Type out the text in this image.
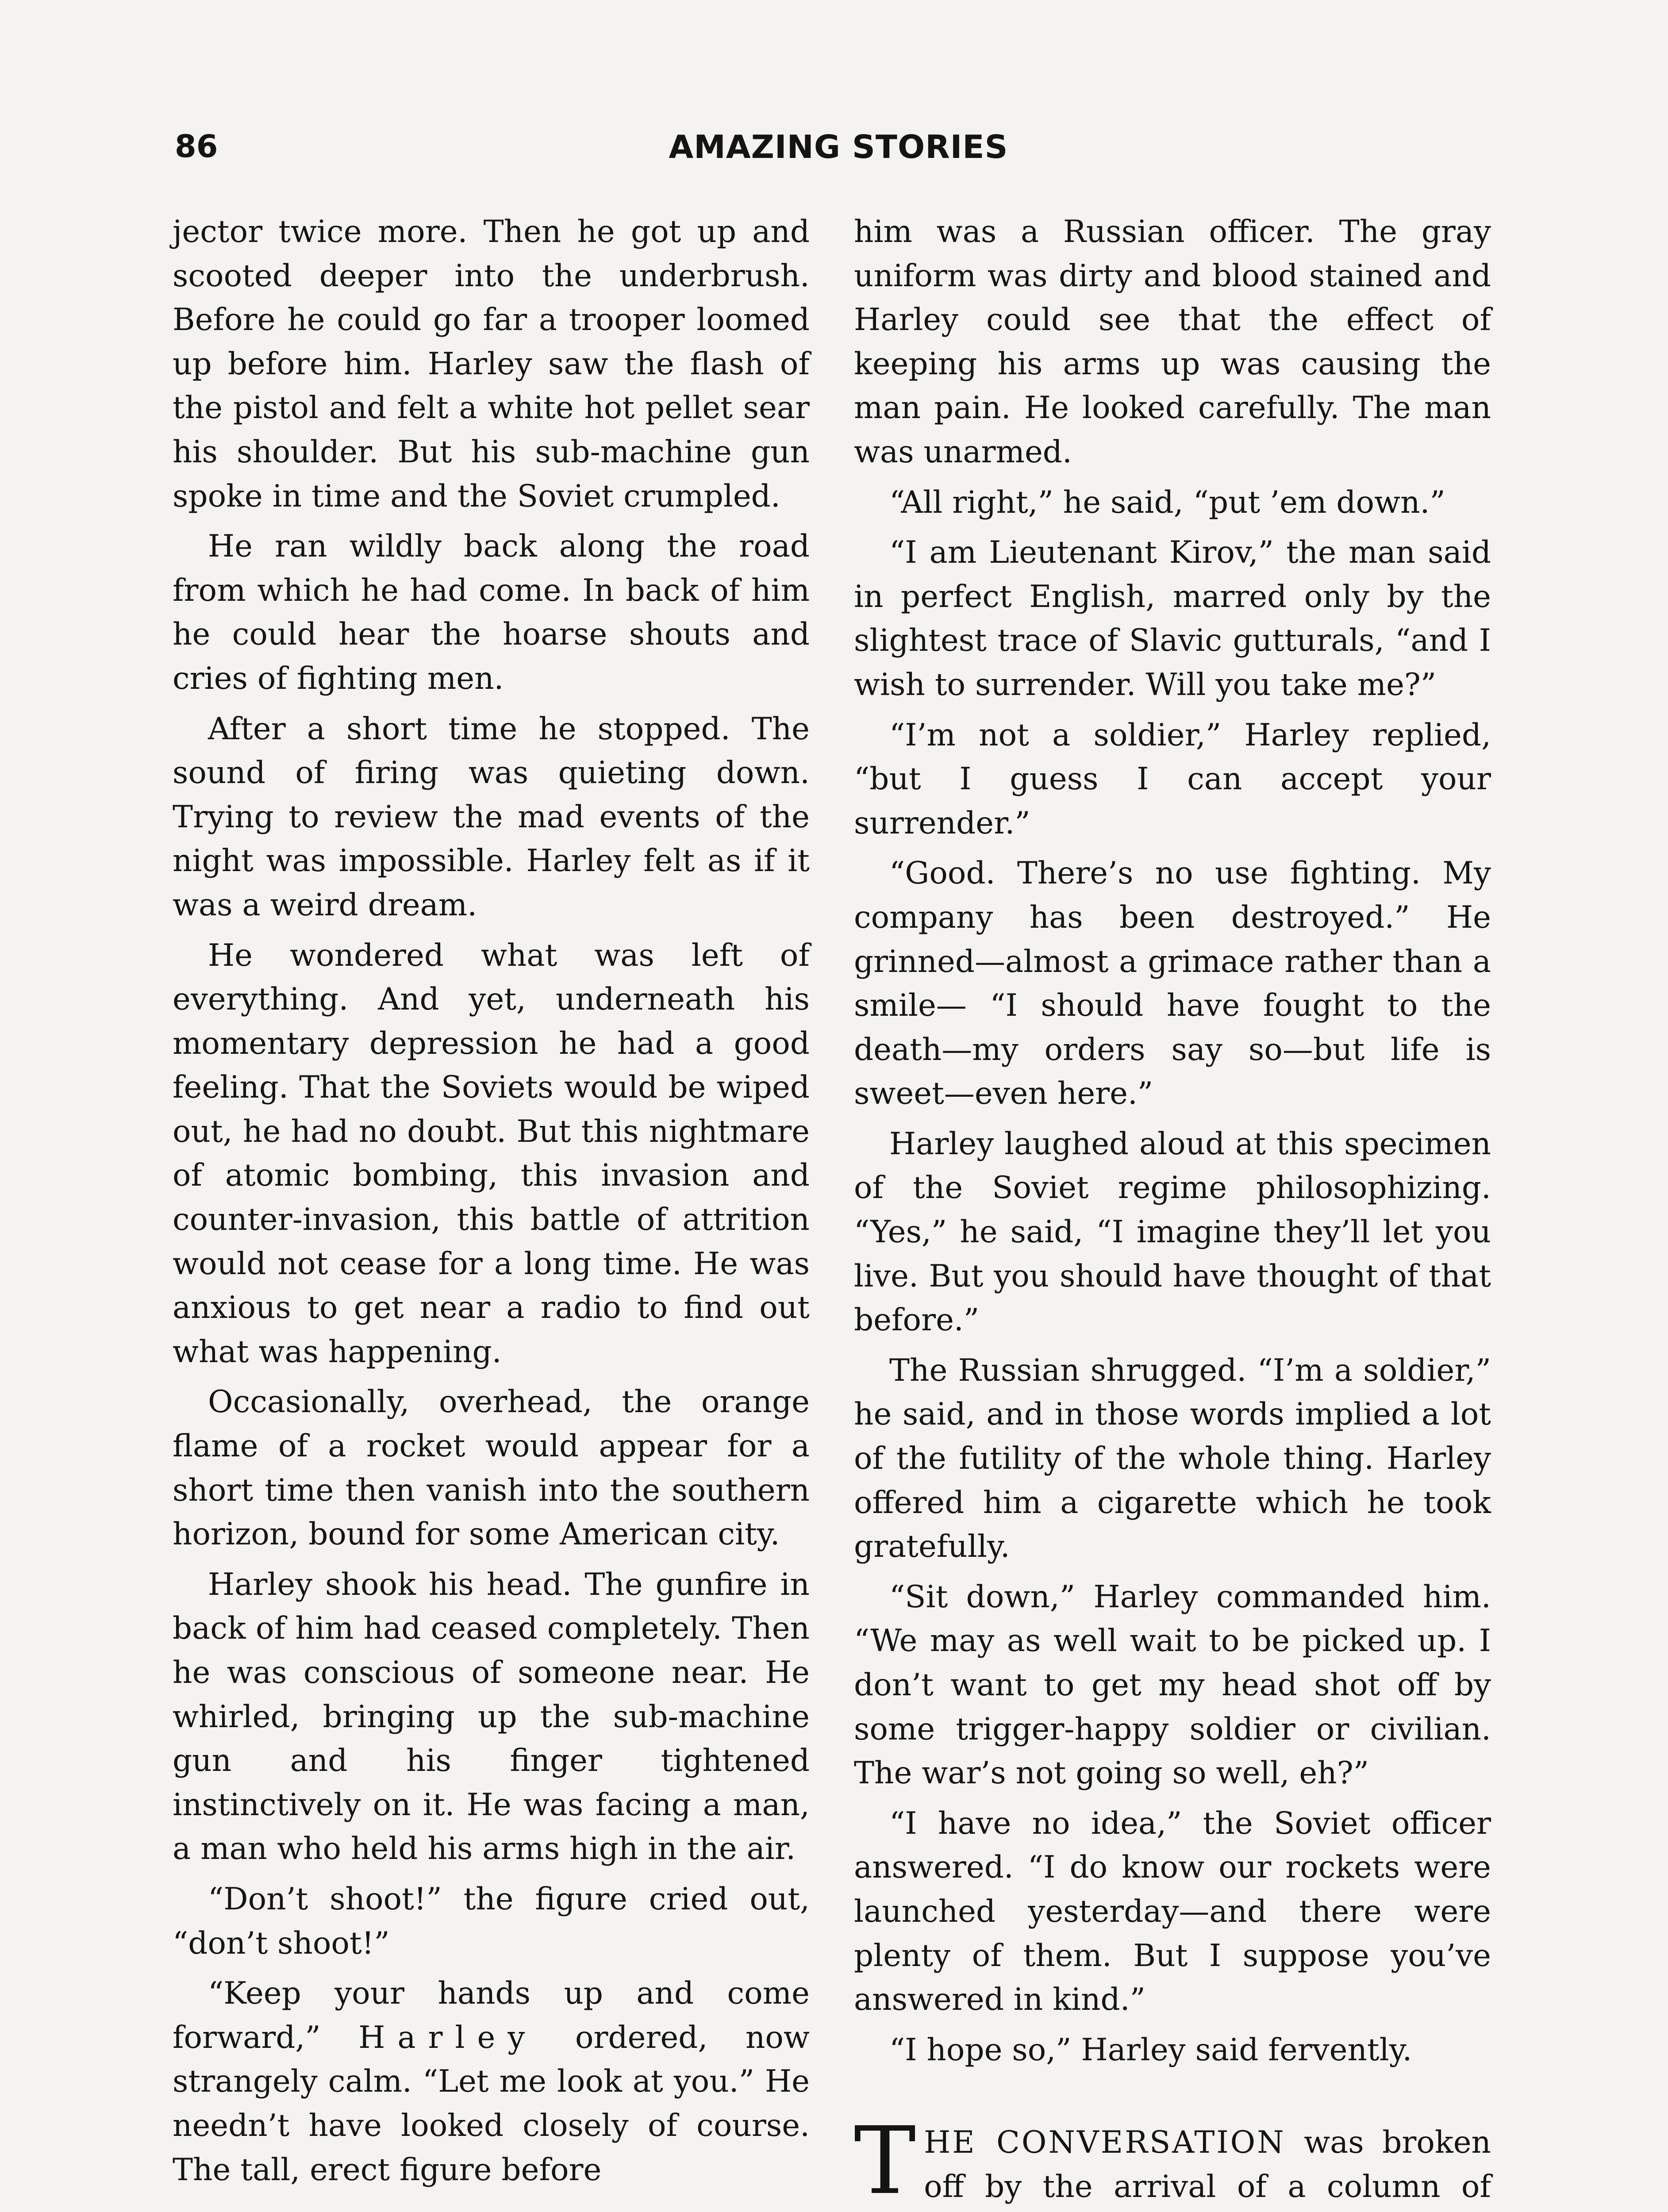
86	AMAZING STORIES

jector twice more. Then he got up and scooted deeper into the underbrush. Before he could go far a trooper loomed up before him. Harley saw the flash of the pistol and felt a white hot pellet sear his shoulder. But his sub-machine gun spoke in time and the Soviet crumpled.

He ran wildly back along the road from which he had come. In back of him he could hear the hoarse shouts and cries of fighting men.

After a short time he stopped. The sound of firing was quieting down. Trying to review the mad events of the night was impossible. Harley felt as if it was a weird dream.

He wondered what was left of everything. And yet, underneath his momentary depression he had a good feeling. That the Soviets would be wiped out, he had no doubt. But this nightmare of atomic bombing, this invasion and counter-invasion, this battle of attrition would not cease for a long time. He was anxious to get near a radio to find out what was happening.

Occasionally, overhead, the orange flame of a rocket would appear for a short time then vanish into the southern horizon, bound for some American city.

Harley shook his head. The gunfire in back of him had ceased completely. Then he was conscious of someone near. He whirled, bringing up the sub-machine gun and his finger tightened instinctively on it. He was facing a man, a man who held his arms high in the air.

“Don’t shoot!” the figure cried out, “don’t shoot!”

“Keep your hands up and come forward,” Harley ordered, now strangely calm. “Let me look at you.” He needn’t have looked closely of course. The tall, erect figure before

him was a Russian officer. The gray uniform was dirty and blood stained and Harley could see that the effect of keeping his arms up was causing the man pain. He looked carefully. The man was unarmed.

“All right,” he said, “put ’em down.”

“I am Lieutenant Kirov,” the man said in perfect English, marred only by the slightest trace of Slavic gutturals, “and I wish to surrender. Will you take me?”

“I’m not a soldier,” Harley replied, “but I guess I can accept your surrender.”

“Good. There’s no use fighting. My company has been destroyed.” He grinned—almost a grimace rather than a smile— “I should have fought to the death—my orders say so—but life is sweet—even here.”

Harley laughed aloud at this specimen of the Soviet regime philosophizing. “Yes,” he said, “I imagine they’ll let you live. But you should have thought of that before.”

The Russian shrugged. “I’m a soldier,” he said, and in those words implied a lot of the futility of the whole thing. Harley offered him a cigarette which he took gratefully.

“Sit down,” Harley commanded him. “We may as well wait to be picked up. I don’t want to get my head shot off by some trigger-happy soldier or civilian. The war’s not going so well, eh?”

“I have no idea,” the Soviet officer answered. “I do know our rockets were launched yesterday—and there were plenty of them. But I suppose you’ve answered in kind.”

“I hope so,” Harley said fervently.

THE CONVERSATION was broken off by the arrival of a column of
